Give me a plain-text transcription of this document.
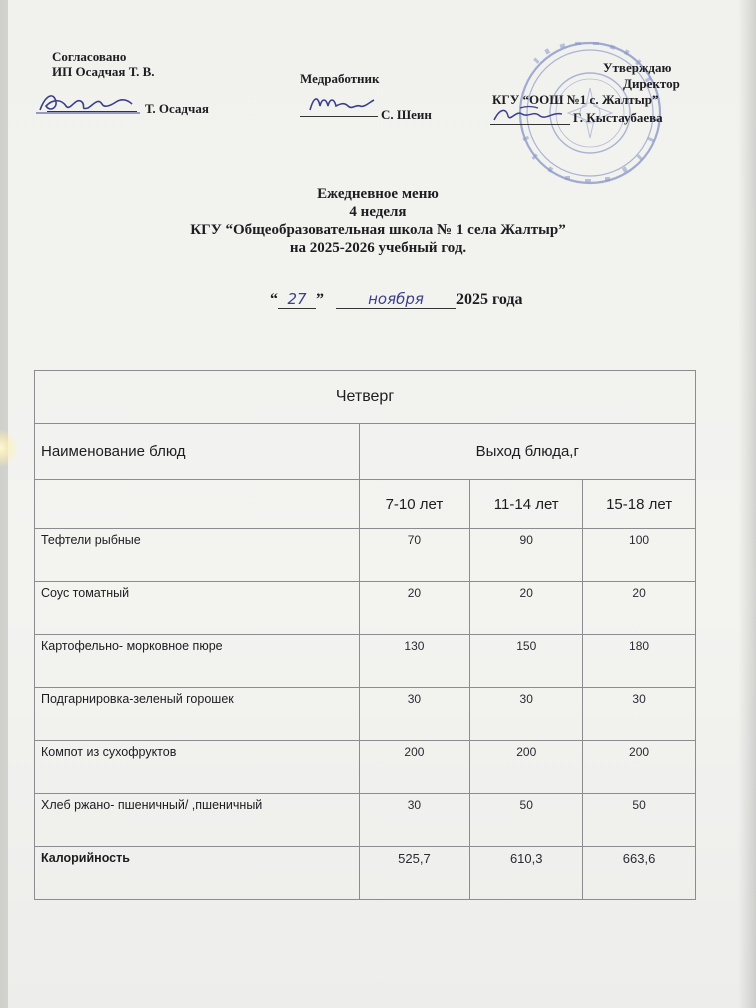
Согласовано
ИП Осадчая Т. В.
Т. Осадчая
Медработник
С. Шеин
Утверждаю
Директор
КГУ “ООШ №1 с. Жалтыр”
Г. Кыстаубаева
Ежедневное меню
4 неделя
КГУ “Общеобразовательная школа № 1 села Жалтыр”
на 2025-2026 учебный год.
“ 27 ”	ноября 2025 года
Четверг			
Наименование блюд	Выход блюда,г		
	7-10 лет	11-14 лет	15-18 лет
Тефтели рыбные	70	90	100
Соус томатный	20	20	20
Картофельно- морковное пюре	130	150	180
Подгарнировка-зеленый горошек	30	30	30
Компот из сухофруктов	200	200	200
Хлеб ржано- пшеничный/ ,пшеничный	30	50	50
Калорийность	525,7	610,3	663,6
